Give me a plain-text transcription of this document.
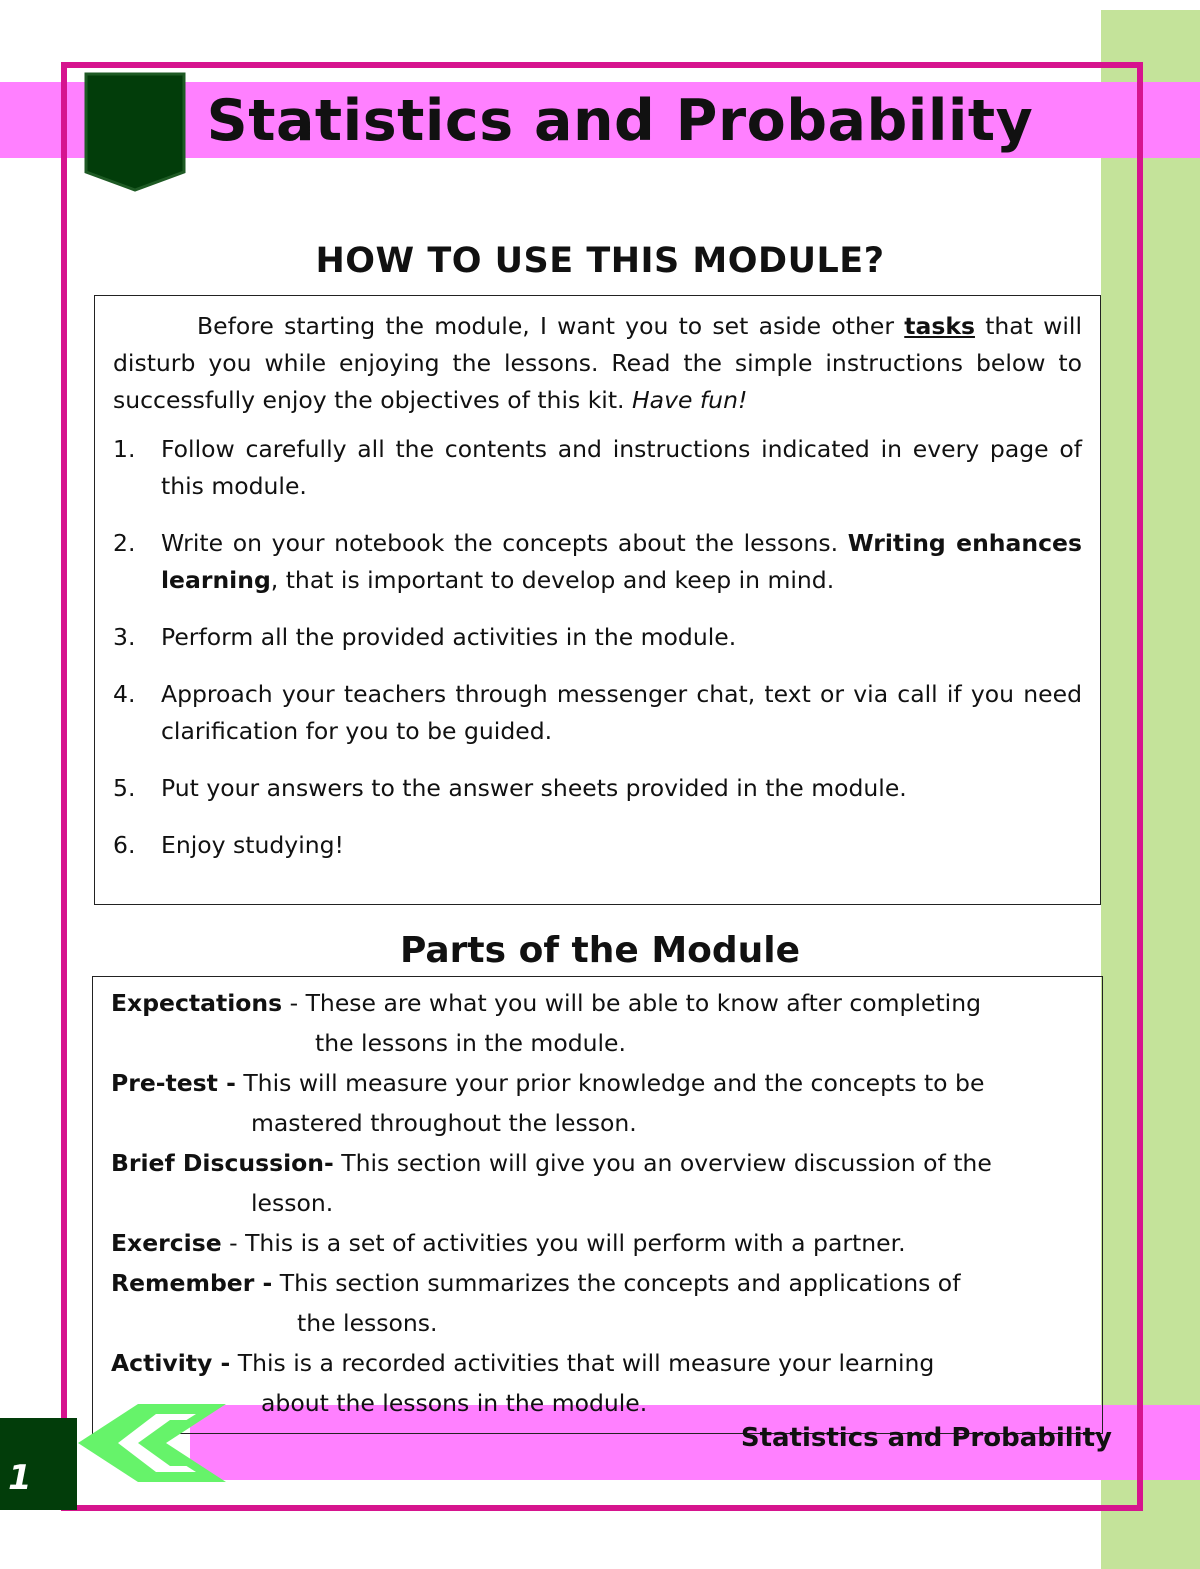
Statistics and Probability
HOW TO USE THIS MODULE?

Before starting the module, I want you to set aside other tasks that will disturb you while enjoying the lessons. Read the simple instructions below to successfully enjoy the objectives of this kit. Have fun!

1.	Follow carefully all the contents and instructions indicated in every page of this module.
2.	Write on your notebook the concepts about the lessons. Writing enhances learning, that is important to develop and keep in mind.
3.	Perform all the provided activities in the module.
4.	Approach your teachers through messenger chat, text or via call if you need clarification for you to be guided.
5.	Put your answers to the answer sheets provided in the module.
6.	Enjoy studying!
Parts of the Module
Expectations - These are what you will be able to know after completing
the lessons in the module.
Pre-test - This will measure your prior knowledge and the concepts to be
mastered throughout the lesson.
Brief Discussion- This section will give you an overview discussion of the
lesson.
Exercise - This is a set of activities you will perform with a partner.
Remember - This section summarizes the concepts and applications of
the lessons.
Activity - This is a recorded activities that will measure your learning
about the lessons in the module.
Statistics and Probability
1
